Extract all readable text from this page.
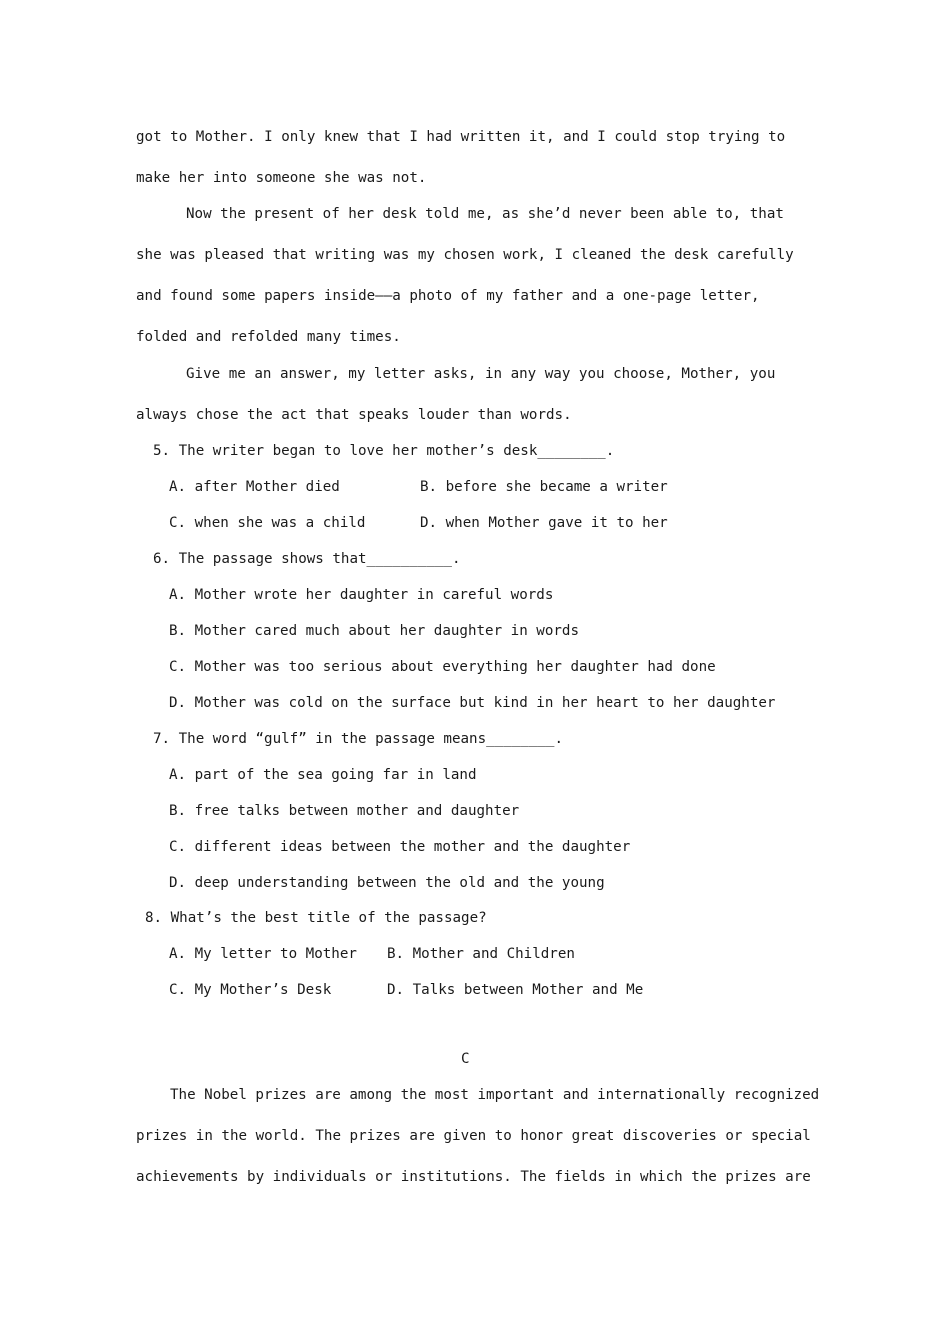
got to Mother. I only knew that I had written it, and I could stop trying to
make her into someone she was not.
Now the present of her desk told me, as she’d never been able to, that
she was pleased that writing was my chosen work, I cleaned the desk carefully
and found some papers inside——a photo of my father and a one-page letter,
folded and refolded many times.
Give me an answer, my letter asks, in any way you choose, Mother, you
always chose the act that speaks louder than words.
5. The writer began to love her mother’s desk________.
A. after Mother died	B. before she became a writer
C. when she was a child	D. when Mother gave it to her
6. The passage shows that__________.
A. Mother wrote her daughter in careful words
B. Mother cared much about her daughter in words
C. Mother was too serious about everything her daughter had done
D. Mother was cold on the surface but kind in her heart to her daughter
7. The word “gulf” in the passage means________.
A. part of the sea going far in land
B. free talks between mother and daughter
C. different ideas between the mother and the daughter
D. deep understanding between the old and the young
8. What’s the best title of the passage?
A. My letter to Mother B. Mother and Children
C. My Mother’s Desk	D. Talks between Mother and Me
C
The Nobel prizes are among the most important and internationally recognized
prizes in the world. The prizes are given to honor great discoveries or special
achievements by individuals or institutions. The fields in which the prizes are
